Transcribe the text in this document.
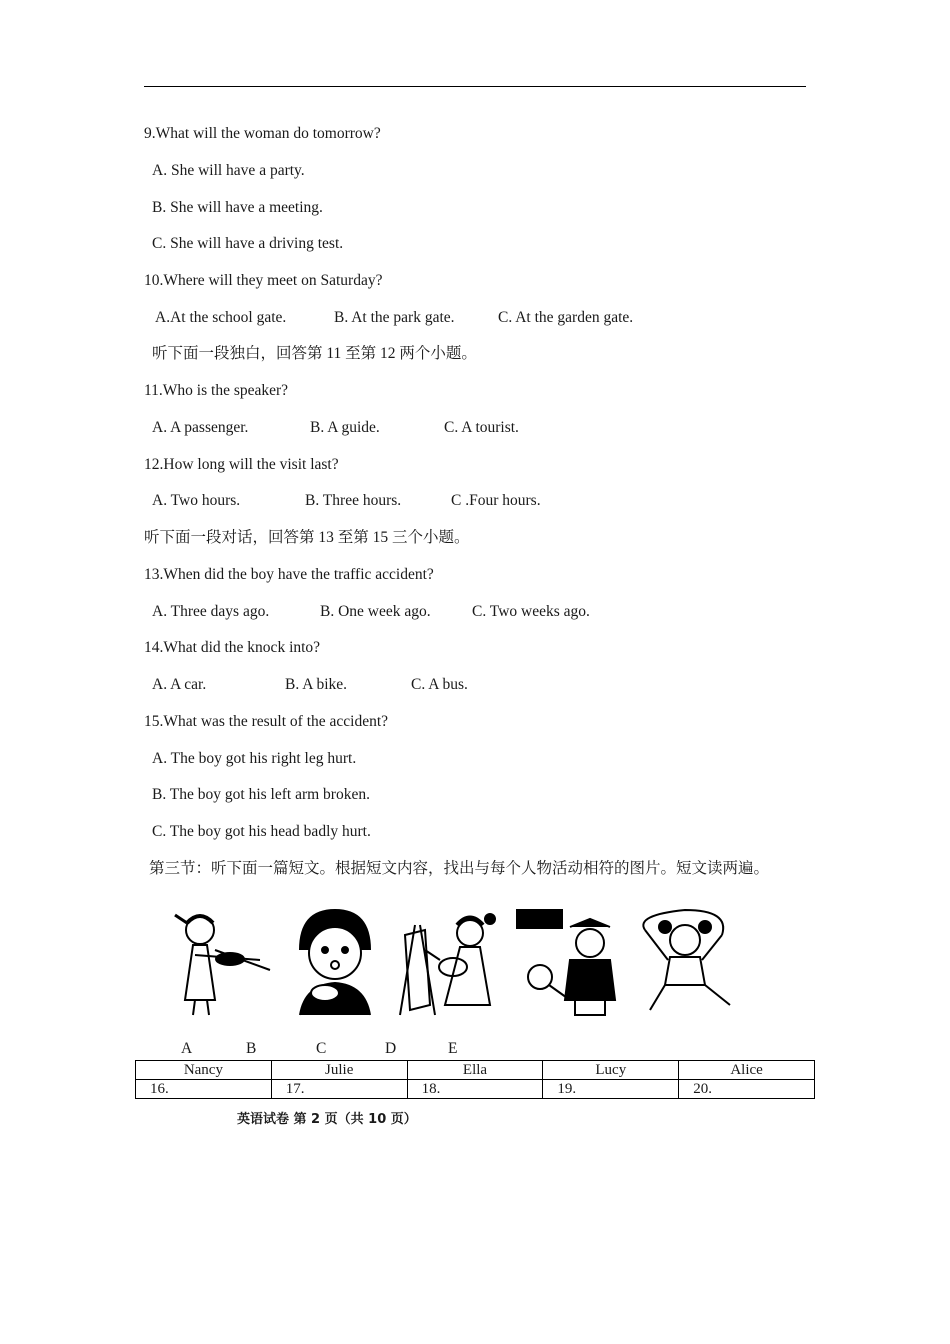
9.What will the woman do tomorrow?
A. She will have a party.
B. She will have a meeting.
C. She will have a driving test.
10.Where will they meet on Saturday?
A.At the school gate.	B. At the park gate.	C. At the garden gate.
听下面一段独白，回答第 11 至第 12 两个小题。
11.Who is the speaker?
A. A passenger.	B. A guide.	C. A tourist.
12.How long will the visit last?
A. Two hours.	B. Three hours.	C .Four hours.
听下面一段对话，回答第 13 至第 15 三个小题。
13.When did the boy have the traffic accident?
A. Three days ago.	B. One week ago.	C. Two weeks ago.
14.What did the knock into?
A. A car.	B. A bike.	C. A bus.
15.What was the result of the accident?
A. The boy got his right leg hurt.
B. The boy got his left arm broken.
C. The boy got his head badly hurt.
第三节：听下面一篇短文。根据短文内容，找出与每个人物活动相符的图片。短文读两遍。
A	B	C	D	E
Nancy	Julie	Ella	Lucy	Alice
16.	17.	18.	19.	20.
英语试卷 第 2 页（共 10 页）
